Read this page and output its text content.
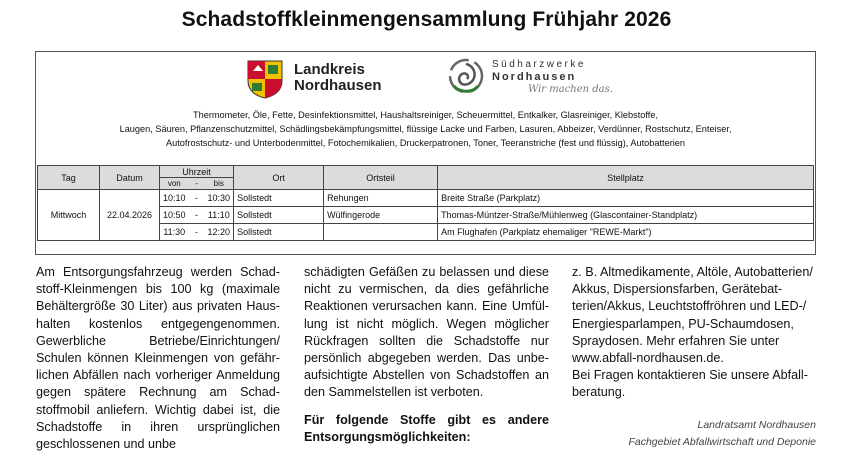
Schadstoffkleinmengensammlung Frühjahr 2026
Landkreis
Nordhausen
Südharzwerke
Nordhausen
Wir machen das.
Thermometer, Öle, Fette, Desinfektionsmittel, Haushaltsreiniger, Scheuermittel, Entkalker, Glasreiniger, Klebstoffe,
Laugen, Säuren, Pflanzenschutzmittel, Schädlingsbekämpfungsmittel, flüssige Lacke und Farben, Lasuren, Abbeizer, Verdünner, Rostschutz, Enteiser,
Autofrostschutz- und Unterbodenmittel, Fotochemikalien, Druckerpatronen, Toner, Teeranstriche (fest und flüssig), Autobatterien
Tag	Datum	Uhrzeit			Ort	Ortsteil	Stellplatz
		von	-	bis			
Mittwoch	22.04.2026	10:10	-	10:30	Sollstedt	Rehungen	Breite Straße (Parkplatz)
		10:50	-	11:10	Sollstedt	Wülfingerode	Thomas-Müntzer-Straße/Mühlenweg (Glascontainer-Standplatz)
		11:30	-	12:20	Sollstedt		Am Flughafen (Parkplatz ehemaliger "REWE-Markt")
Am Entsorgungsfahrzeug werden Schadstoff-Kleinmengen bis 100 kg (maximale Behältergröße 30 Liter) aus privaten Haushalten kostenlos entgegengenommen. Gewerbliche Betriebe/Einrichtungen/ Schulen können Kleinmengen von gefährlichen Abfällen nach vorheriger Anmeldung gegen spätere Rechnung am Schadstoffmobil anliefern. Wichtig dabei ist, die Schadstoffe in ihren ursprünglichen geschlossenen und unbe
schädigten Gefäßen zu belassen und diese nicht zu vermischen, da dies gefährliche Reaktionen verursachen kann. Eine Umfüllung ist nicht möglich. Wegen möglicher Rückfragen sollten die Schadstoffe nur persönlich abgegeben werden. Das unbeaufsichtigte Abstellen von Schadstoffen an den Sammelstellen ist verboten.
Für folgende Stoffe gibt es andere Entsorgungsmöglichkeiten:
z. B. Altmedikamente, Altöle, Autobatterien/ Akkus, Dispersionsfarben, Gerätebatterien/Akkus, Leuchtstoffröhren und LED-/ Energiesparlampen, PU-Schaumdosen, Spraydosen. Mehr erfahren Sie unter www.abfall-nordhausen.de.
Bei Fragen kontaktieren Sie unsere Abfallberatung.
Landratsamt Nordhausen
Fachgebiet Abfallwirtschaft und Deponie
